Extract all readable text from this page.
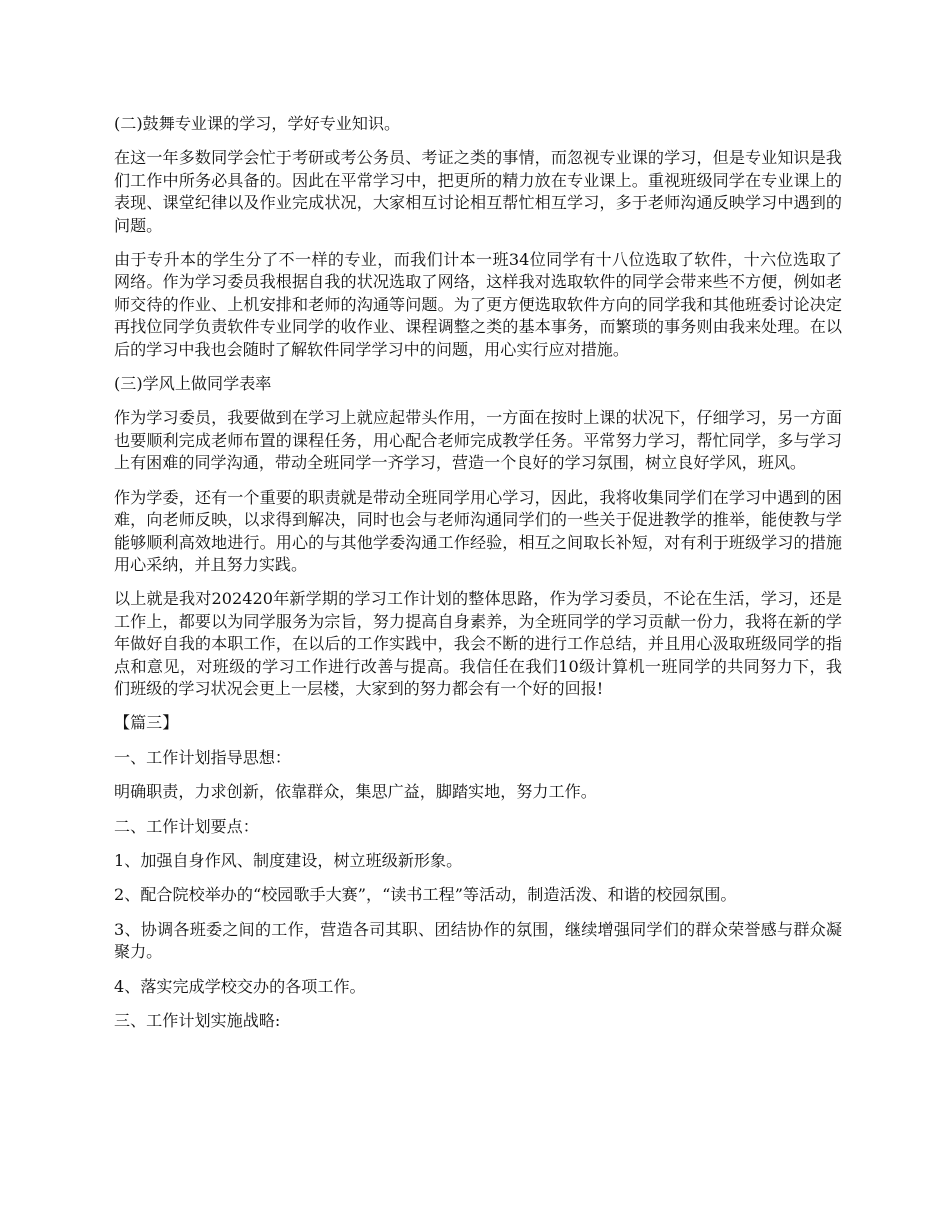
(二)鼓舞专业课的学习，学好专业知识。

在这一年多数同学会忙于考研或考公务员、考证之类的事情，而忽视专业课的学习，但是专业知识是我们工作中所务必具备的。因此在平常学习中，把更所的精力放在专业课上。重视班级同学在专业课上的表现、课堂纪律以及作业完成状况，大家相互讨论相互帮忙相互学习，多于老师沟通反映学习中遇到的问题。

由于专升本的学生分了不一样的专业，而我们计本一班34位同学有十八位选取了软件，十六位选取了网络。作为学习委员我根据自我的状况选取了网络，这样我对选取软件的同学会带来些不方便，例如老师交待的作业、上机安排和老师的沟通等问题。为了更方便选取软件方向的同学我和其他班委讨论决定再找位同学负责软件专业同学的收作业、课程调整之类的基本事务，而繁琐的事务则由我来处理。在以后的学习中我也会随时了解软件同学学习中的问题，用心实行应对措施。

(三)学风上做同学表率

作为学习委员，我要做到在学习上就应起带头作用，一方面在按时上课的状况下，仔细学习，另一方面也要顺利完成老师布置的课程任务，用心配合老师完成教学任务。平常努力学习，帮忙同学，多与学习上有困难的同学沟通，带动全班同学一齐学习，营造一个良好的学习氛围，树立良好学风，班风。

作为学委，还有一个重要的职责就是带动全班同学用心学习，因此，我将收集同学们在学习中遇到的困难，向老师反映，以求得到解决，同时也会与老师沟通同学们的一些关于促进教学的推举，能使教与学能够顺利高效地进行。用心的与其他学委沟通工作经验，相互之间取长补短，对有利于班级学习的措施用心采纳，并且努力实践。

以上就是我对202420年新学期的学习工作计划的整体思路，作为学习委员，不论在生活，学习，还是工作上，都要以为同学服务为宗旨，努力提高自身素养，为全班同学的学习贡献一份力，我将在新的学年做好自我的本职工作，在以后的工作实践中，我会不断的进行工作总结，并且用心汲取班级同学的指点和意见，对班级的学习工作进行改善与提高。我信任在我们10级计算机一班同学的共同努力下，我们班级的学习状况会更上一层楼，大家到的努力都会有一个好的回报!

【篇三】

一、工作计划指导思想：

明确职责，力求创新，依靠群众，集思广益，脚踏实地，努力工作。

二、工作计划要点：

1、加强自身作风、制度建设，树立班级新形象。

2、配合院校举办的“校园歌手大赛”，“读书工程”等活动，制造活泼、和谐的校园氛围。

3、协调各班委之间的工作，营造各司其职、团结协作的氛围，继续增强同学们的群众荣誉感与群众凝聚力。

4、落实完成学校交办的各项工作。

三、工作计划实施战略:
